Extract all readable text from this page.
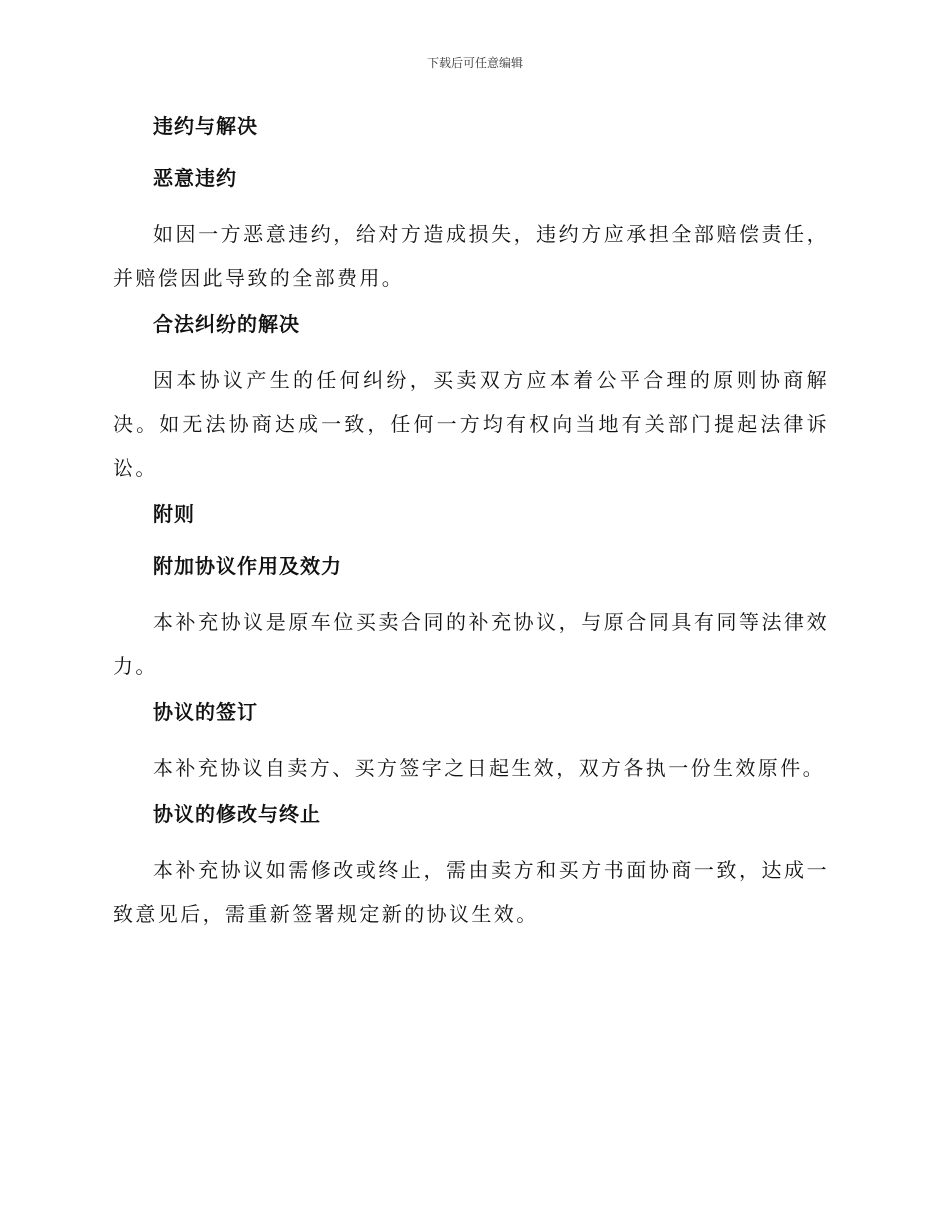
下载后可任意编辑
违约与解决
恶意违约

如因一方恶意违约，给对方造成损失，违约方应承担全部赔偿责任，并赔偿因此导致的全部费用。

合法纠纷的解决

因本协议产生的任何纠纷，买卖双方应本着公平合理的原则协商解决。如无法协商达成一致，任何一方均有权向当地有关部门提起法律诉讼。

附则
附加协议作用及效力

本补充协议是原车位买卖合同的补充协议，与原合同具有同等法律效力。

协议的签订

本补充协议自卖方、买方签字之日起生效，双方各执一份生效原件。

协议的修改与终止

本补充协议如需修改或终止，需由卖方和买方书面协商一致，达成一致意见后，需重新签署规定新的协议生效。
